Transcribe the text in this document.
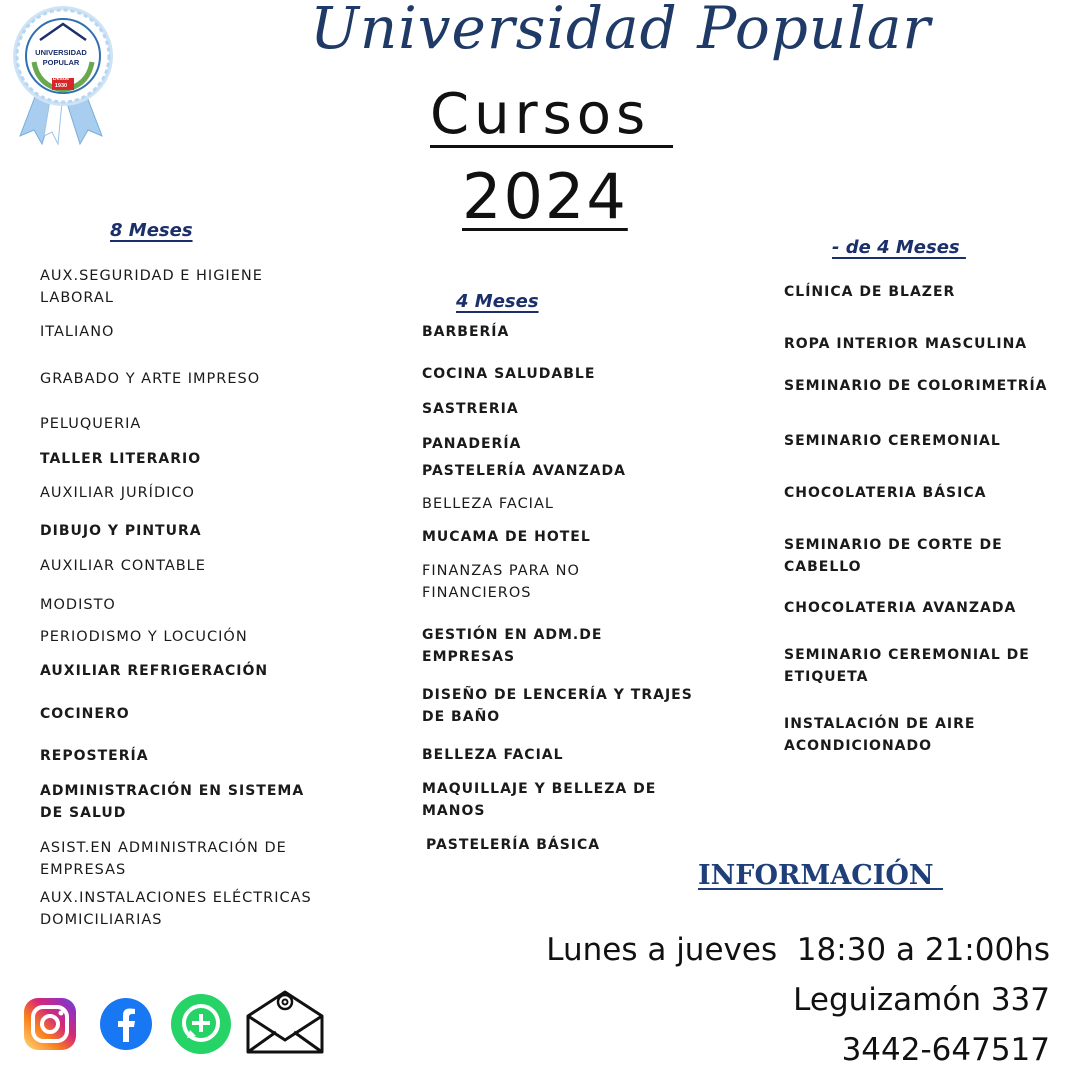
UNIVERSIDAD
POPULAR
Desde
1930
Universidad Popular
Cursos
2024
8 Meses
AUX.SEGURIDAD E HIGIENE LABORAL
ITALIANO
GRABADO Y ARTE IMPRESO
PELUQUERIA
TALLER LITERARIO
AUXILIAR JURÍDICO
DIBUJO Y PINTURA
AUXILIAR CONTABLE
MODISTO
PERIODISMO Y LOCUCIÓN
AUXILIAR REFRIGERACIÓN
COCINERO
REPOSTERÍA
ADMINISTRACIÓN EN SISTEMA DE SALUD
ASIST.EN ADMINISTRACIÓN DE EMPRESAS
AUX.INSTALACIONES ELÉCTRICAS DOMICILIARIAS
4 Meses
BARBERÍA
COCINA SALUDABLE
SASTRERIA
PANADERÍA
PASTELERÍA AVANZADA
BELLEZA FACIAL
MUCAMA DE HOTEL
FINANZAS PARA NO FINANCIEROS
GESTIÓN EN ADM.DE EMPRESAS
DISEÑO DE LENCERÍA Y TRAJES DE BAÑO
BELLEZA FACIAL
MAQUILLAJE Y BELLEZA DE MANOS
PASTELERÍA BÁSICA
- de 4 Meses
CLÍNICA DE BLAZER
ROPA INTERIOR MASCULINA
SEMINARIO DE COLORIMETRÍA
SEMINARIO CEREMONIAL
CHOCOLATERIA BÁSICA
SEMINARIO DE CORTE DE CABELLO
CHOCOLATERIA AVANZADA
SEMINARIO CEREMONIAL DE ETIQUETA
INSTALACIÓN DE AIRE ACONDICIONADO
INFORMACIÓN
Lunes a jueves  18:30 a 21:00hs
Leguizamón 337
3442-647517
